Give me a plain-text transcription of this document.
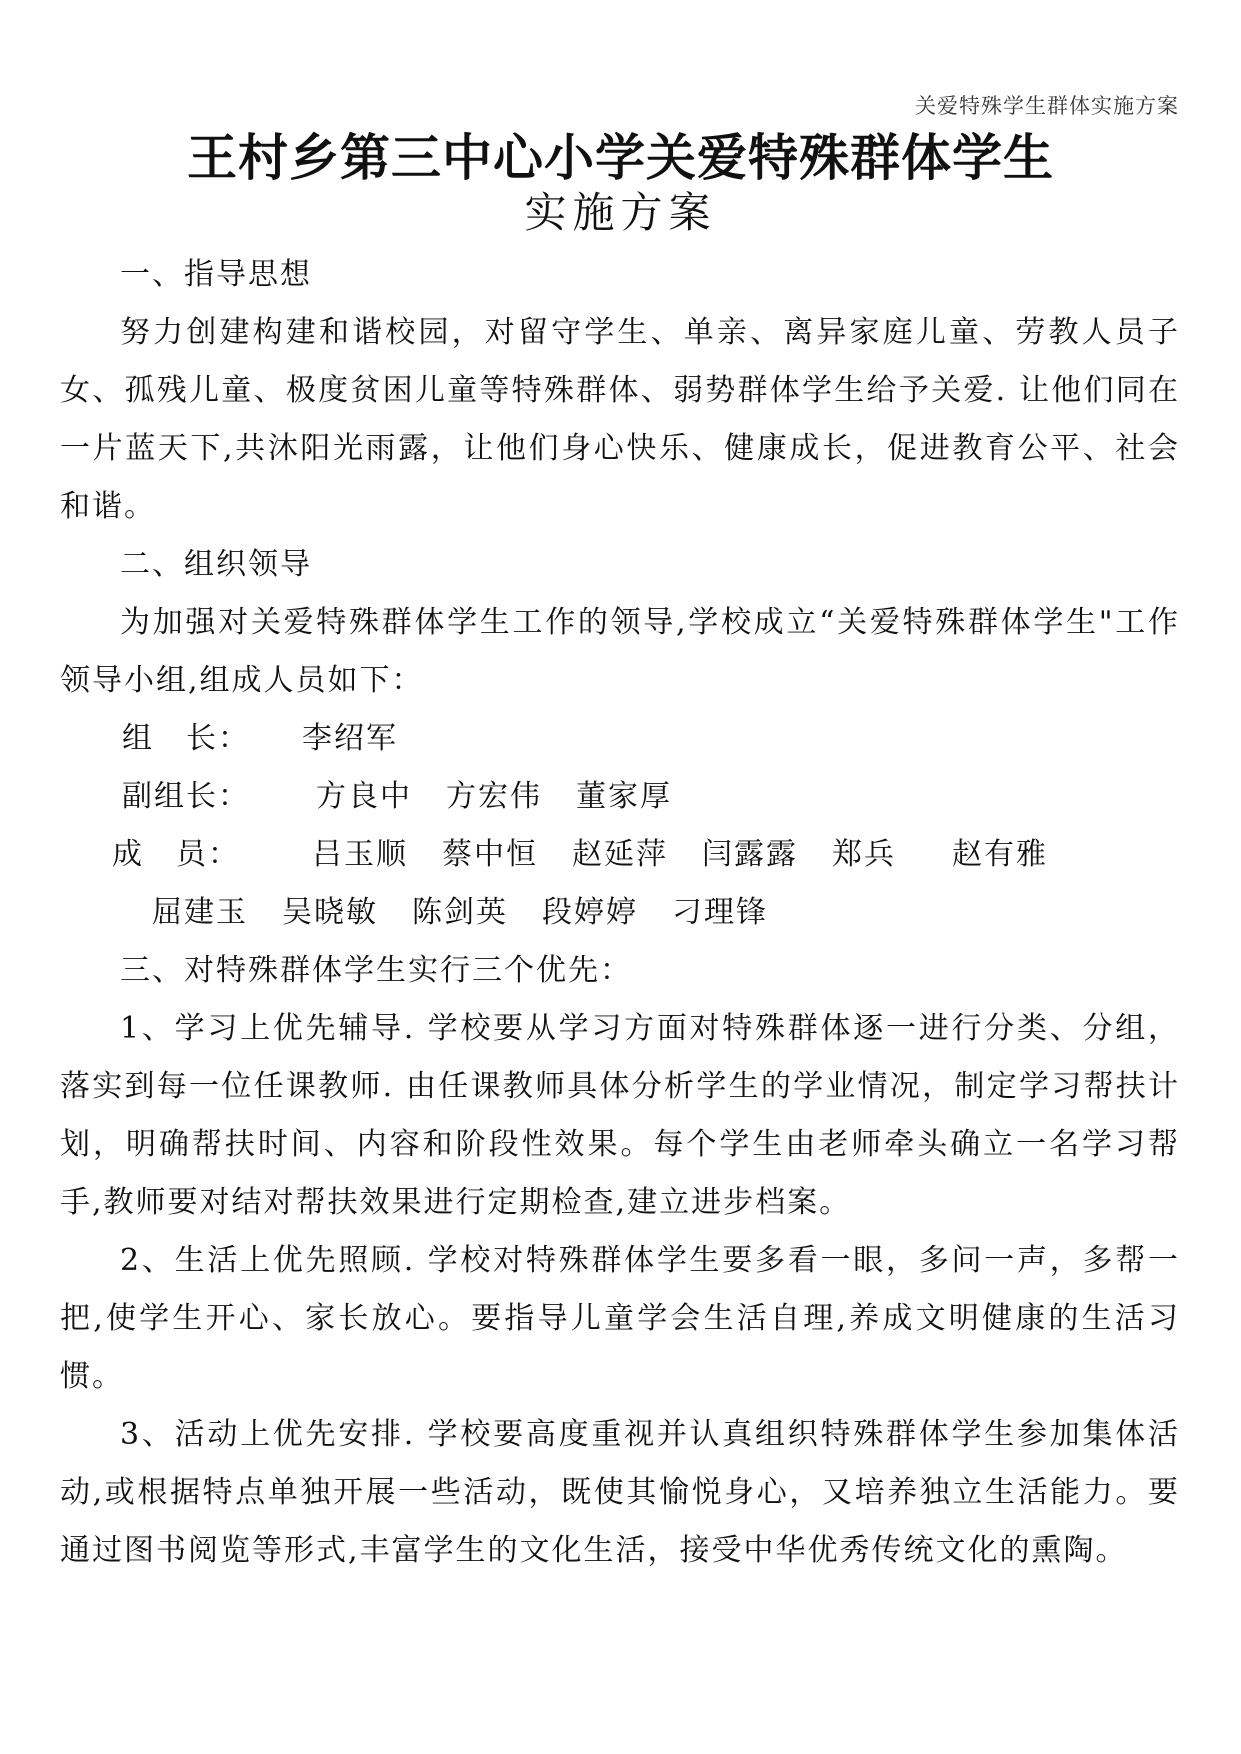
关爱特殊学生群体实施方案
王村乡第三中心小学关爱特殊群体学生
实施方案

一、指导思想

努力创建构建和谐校园，对留守学生、单亲、离异家庭儿童、劳教人员子女、孤残儿童、极度贫困儿童等特殊群体、弱势群体学生给予关爱. 让他们同在一片蓝天下,共沐阳光雨露，让他们身心快乐、健康成长，促进教育公平、社会和谐。

二、组织领导

为加强对关爱特殊群体学生工作的领导,学校成立“关爱特殊群体学生"工作领导小组,组成人员如下：

组　长：	李绍军
副组长：	方良中 方宏伟 董家厚
成　员：	吕玉顺 蔡中恒 赵延萍 闫露露 郑兵 赵有雅
屈建玉 吴晓敏 陈剑英 段婷婷 刁理锋

三、对特殊群体学生实行三个优先：

1、学习上优先辅导. 学校要从学习方面对特殊群体逐一进行分类、分组，落实到每一位任课教师. 由任课教师具体分析学生的学业情况，制定学习帮扶计划，明确帮扶时间、内容和阶段性效果。每个学生由老师牵头确立一名学习帮手,教师要对结对帮扶效果进行定期检查,建立进步档案。

2、生活上优先照顾. 学校对特殊群体学生要多看一眼，多问一声，多帮一把,使学生开心、家长放心。要指导儿童学会生活自理,养成文明健康的生活习惯。

3、活动上优先安排. 学校要高度重视并认真组织特殊群体学生参加集体活动,或根据特点单独开展一些活动，既使其愉悦身心，又培养独立生活能力。要通过图书阅览等形式,丰富学生的文化生活，接受中华优秀传统文化的熏陶。
